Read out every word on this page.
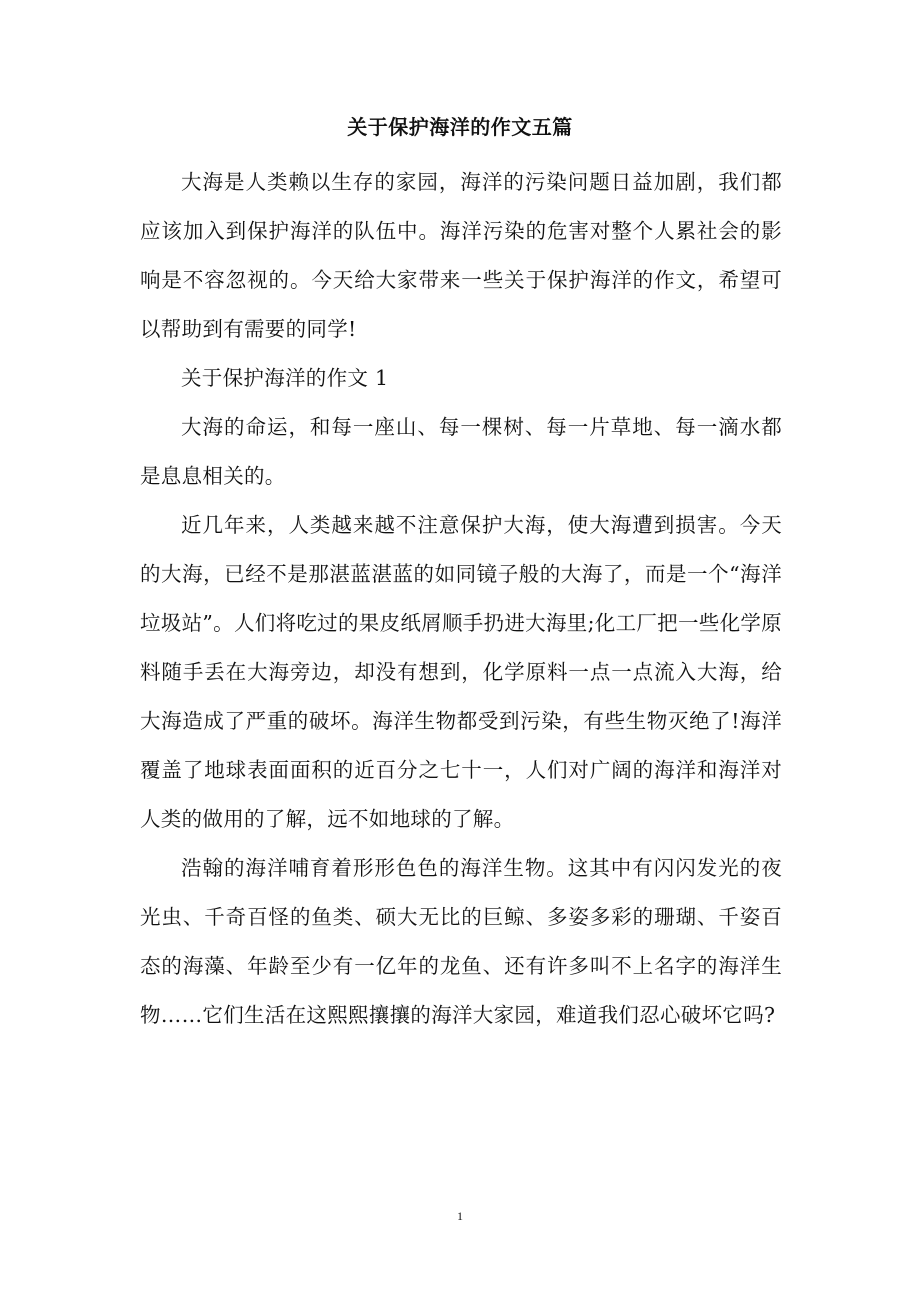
关于保护海洋的作文五篇

大海是人类赖以生存的家园，海洋的污染问题日益加剧，我们都应该加入到保护海洋的队伍中。海洋污染的危害对整个人累社会的影响是不容忽视的。今天给大家带来一些关于保护海洋的作文，希望可以帮助到有需要的同学!

关于保护海洋的作文 1

大海的命运，和每一座山、每一棵树、每一片草地、每一滴水都是息息相关的。

近几年来，人类越来越不注意保护大海，使大海遭到损害。今天的大海，已经不是那湛蓝湛蓝的如同镜子般的大海了，而是一个“海洋垃圾站”。人们将吃过的果皮纸屑顺手扔进大海里;化工厂把一些化学原料随手丢在大海旁边，却没有想到，化学原料一点一点流入大海，给大海造成了严重的破坏。海洋生物都受到污染，有些生物灭绝了!海洋覆盖了地球表面面积的近百分之七十一，人们对广阔的海洋和海洋对人类的做用的了解，远不如地球的了解。

浩翰的海洋哺育着形形色色的海洋生物。这其中有闪闪发光的夜光虫、千奇百怪的鱼类、硕大无比的巨鲸、多姿多彩的珊瑚、千姿百态的海藻、年龄至少有一亿年的龙鱼、还有许多叫不上名字的海洋生物……它们生活在这熙熙攘攘的海洋大家园，难道我们忍心破坏它吗?

1
